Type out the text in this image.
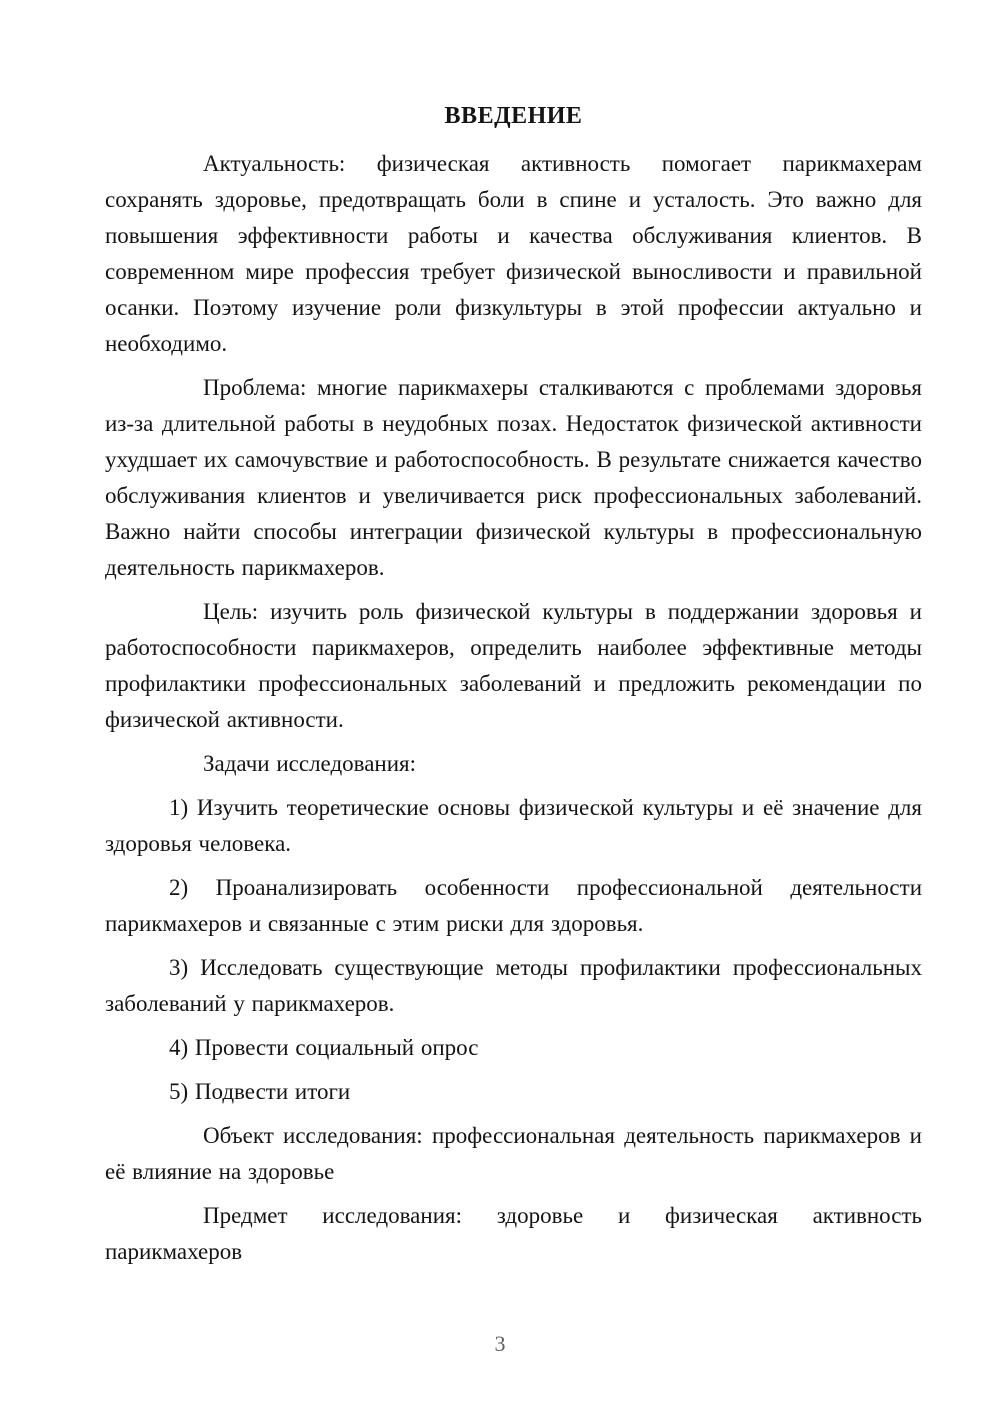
ВВЕДЕНИЕ

Актуальность: физическая активность помогает парикмахерам сохранять здоровье, предотвращать боли в спине и усталость. Это важно для повышения эффективности работы и качества обслуживания клиентов. В современном мире профессия требует физической выносливости и правильной осанки. Поэтому изучение роли физкультуры в этой профессии актуально и необходимо.

Проблема: многие парикмахеры сталкиваются с проблемами здоровья из-за длительной работы в неудобных позах. Недостаток физической активности ухудшает их самочувствие и работоспособность. В результате снижается качество обслуживания клиентов и увеличивается риск профессиональных заболеваний. Важно найти способы интеграции физической культуры в профессиональную деятельность парикмахеров.

Цель: изучить роль физической культуры в поддержании здоровья и работоспособности парикмахеров, определить наиболее эффективные методы профилактики профессиональных заболеваний и предложить рекомендации по физической активности.

Задачи исследования:

1) Изучить теоретические основы физической культуры и её значение для здоровья человека.

2) Проанализировать особенности профессиональной деятельности парикмахеров и связанные с этим риски для здоровья.

3) Исследовать существующие методы профилактики профессиональных заболеваний у парикмахеров.

4) Провести социальный опрос

5) Подвести итоги

Объект исследования: профессиональная деятельность парикмахеров и её влияние на здоровье

Предмет исследования: здоровье и физическая активность парикмахеров

3
